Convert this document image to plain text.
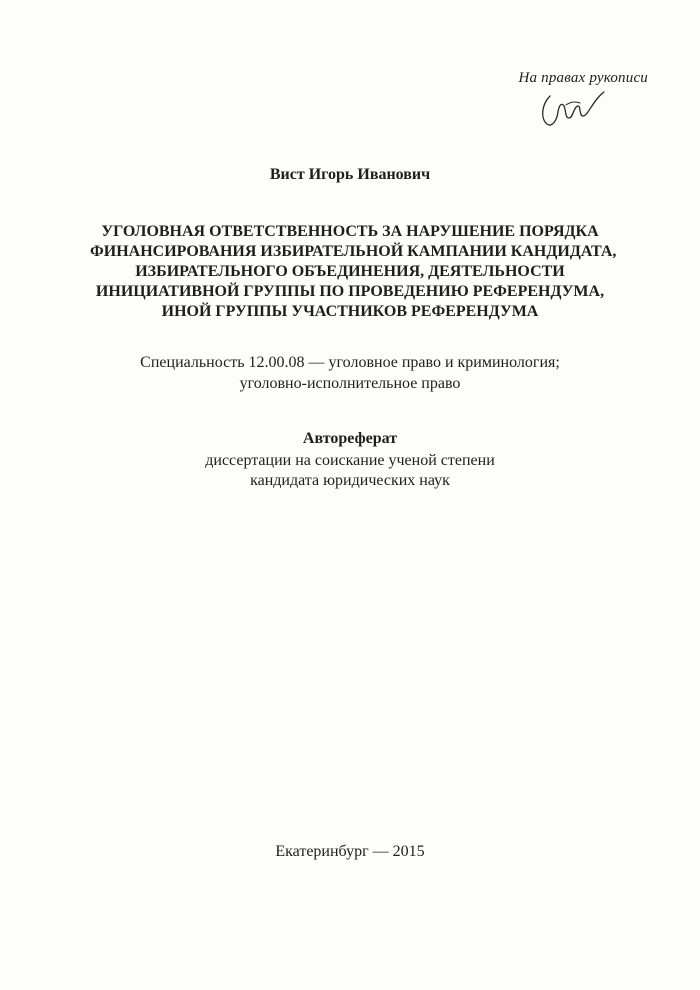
На правах рукописи
Вист Игорь Иванович
УГОЛОВНАЯ ОТВЕТСТВЕННОСТЬ ЗА НАРУШЕНИЕ ПОРЯДКА
ФИНАНСИРОВАНИЯ ИЗБИРАТЕЛЬНОЙ КАМПАНИИ КАНДИДАТА,
ИЗБИРАТЕЛЬНОГО ОБЪЕДИНЕНИЯ, ДЕЯТЕЛЬНОСТИ
ИНИЦИАТИВНОЙ ГРУППЫ ПО ПРОВЕДЕНИЮ РЕФЕРЕНДУМА,
ИНОЙ ГРУППЫ УЧАСТНИКОВ РЕФЕРЕНДУМА
Специальность 12.00.08 — уголовное право и криминология;
уголовно-исполнительное право
Автореферат
диссертации на соискание ученой степени
кандидата юридических наук
Екатеринбург — 2015
